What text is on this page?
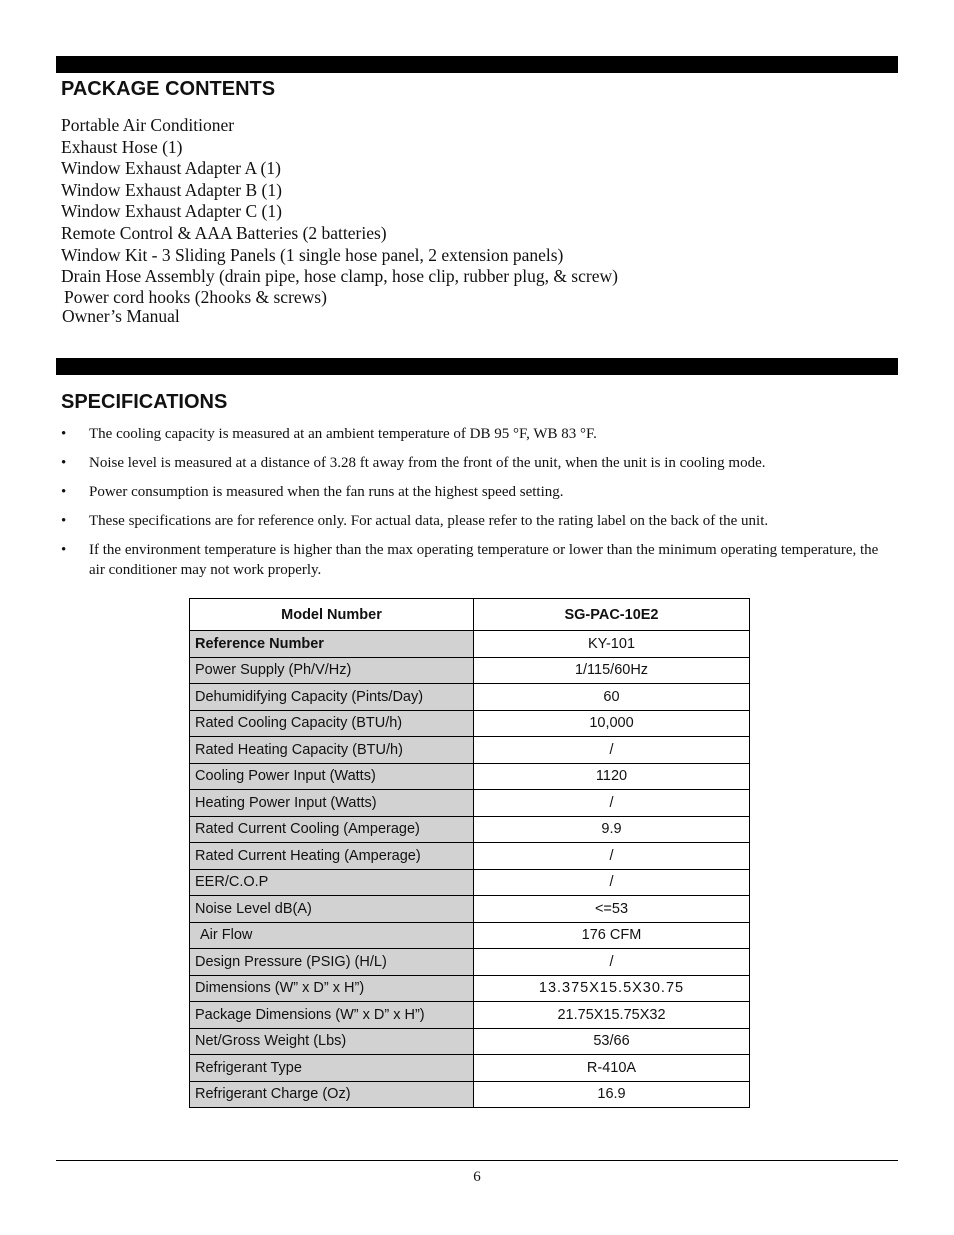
PACKAGE CONTENTS
Portable Air Conditioner
Exhaust Hose (1)
Window Exhaust Adapter A (1)
Window Exhaust Adapter B (1)
Window Exhaust Adapter C (1)
Remote Control & AAA Batteries (2 batteries)
Window Kit - 3 Sliding Panels (1 single hose panel, 2 extension panels)
Drain Hose Assembly (drain pipe, hose clamp, hose clip, rubber plug, & screw)
Power cord hooks (2hooks & screws)
Owner’s Manual
SPECIFICATIONS
• The cooling capacity is measured at an ambient temperature of DB 95 °F, WB 83 °F.
• Noise level is measured at a distance of 3.28 ft away from the front of the unit, when the unit is in cooling mode.
• Power consumption is measured when the fan runs at the highest speed setting.
• These specifications are for reference only. For actual data, please refer to the rating label on the back of the unit.
• If the environment temperature is higher than the max operating temperature or lower than the minimum operating temperature, the air conditioner may not work properly.
Model Number	SG-PAC-10E2
Reference Number	KY-101
Power Supply (Ph/V/Hz)	1/115/60Hz
Dehumidifying Capacity (Pints/Day)	60
Rated Cooling Capacity (BTU/h)	10,000
Rated Heating Capacity (BTU/h)	/
Cooling Power Input (Watts)	1120
Heating Power Input (Watts)	/
Rated Current Cooling (Amperage)	9.9
Rated Current Heating (Amperage)	/
EER/C.O.P	/
Noise Level dB(A)	<=53
Air Flow	176 CFM
Design Pressure (PSIG) (H/L)	/
Dimensions (W” x D” x H”)	13.375X15.5X30.75
Package Dimensions (W” x D” x H”)	21.75X15.75X32
Net/Gross Weight (Lbs)	53/66
Refrigerant Type	R-410A
Refrigerant Charge (Oz)	16.9
6
